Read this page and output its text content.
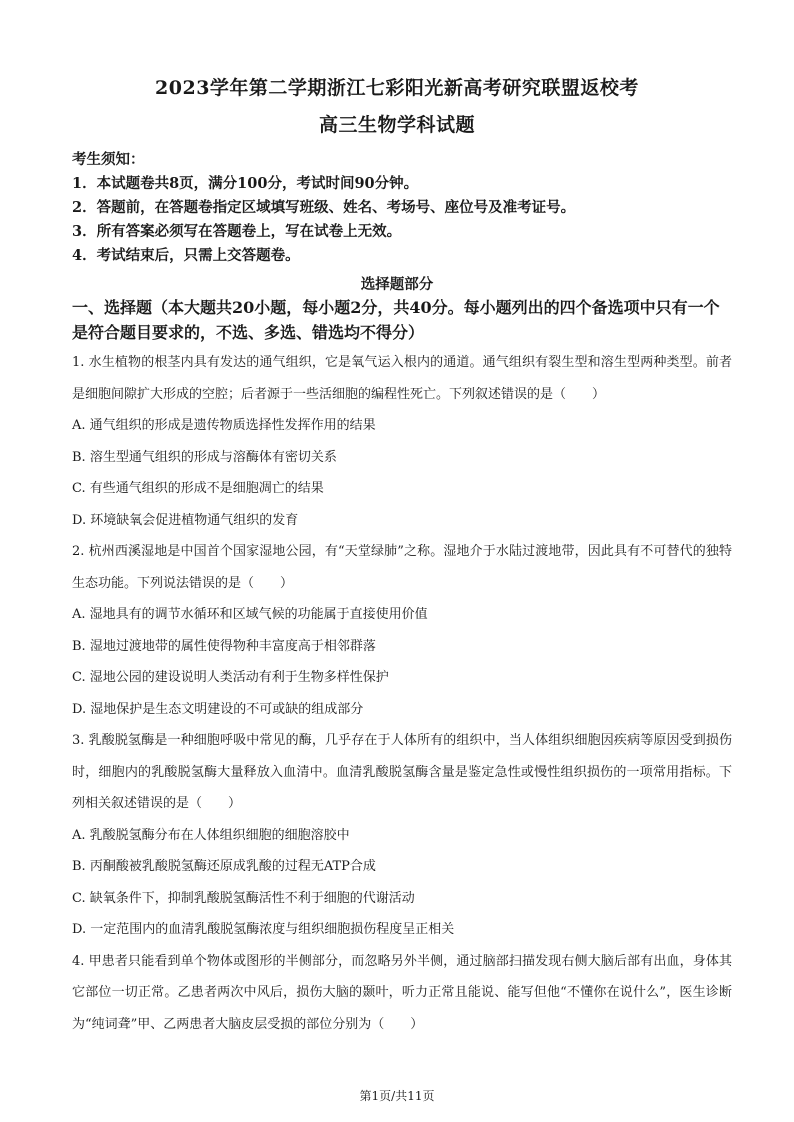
2023学年第二学期浙江七彩阳光新高考研究联盟返校考
高三生物学科试题
考生须知：
1．本试题卷共8页，满分100分，考试时间90分钟。
2．答题前，在答题卷指定区域填写班级、姓名、考场号、座位号及准考证号。
3．所有答案必须写在答题卷上，写在试卷上无效。
4．考试结束后，只需上交答题卷。
选择题部分
一、选择题（本大题共20小题，每小题2分，共40分。每小题列出的四个备选项中只有一个是符合题目要求的，不选、多选、错选均不得分）
1. 水生植物的根茎内具有发达的通气组织，它是氧气运入根内的通道。通气组织有裂生型和溶生型两种类型。前者是细胞间隙扩大形成的空腔；后者源于一些活细胞的编程性死亡。下列叙述错误的是（　　）
A. 通气组织的形成是遗传物质选择性发挥作用的结果
B. 溶生型通气组织的形成与溶酶体有密切关系
C. 有些通气组织的形成不是细胞凋亡的结果
D. 环境缺氧会促进植物通气组织的发育
2. 杭州西溪湿地是中国首个国家湿地公园，有“天堂绿肺”之称。湿地介于水陆过渡地带，因此具有不可替代的独特生态功能。下列说法错误的是（　　）
A. 湿地具有的调节水循环和区域气候的功能属于直接使用价值
B. 湿地过渡地带的属性使得物种丰富度高于相邻群落
C. 湿地公园的建设说明人类活动有利于生物多样性保护
D. 湿地保护是生态文明建设的不可或缺的组成部分
3. 乳酸脱氢酶是一种细胞呼吸中常见的酶，几乎存在于人体所有的组织中，当人体组织细胞因疾病等原因受到损伤时，细胞内的乳酸脱氢酶大量释放入血清中。血清乳酸脱氢酶含量是鉴定急性或慢性组织损伤的一项常用指标。下列相关叙述错误的是（　　）
A. 乳酸脱氢酶分布在人体组织细胞的细胞溶胶中
B. 丙酮酸被乳酸脱氢酶还原成乳酸的过程无ATP合成
C. 缺氧条件下，抑制乳酸脱氢酶活性不利于细胞的代谢活动
D. 一定范围内的血清乳酸脱氢酶浓度与组织细胞损伤程度呈正相关
4. 甲患者只能看到单个物体或图形的半侧部分，而忽略另外半侧，通过脑部扫描发现右侧大脑后部有出血，身体其它部位一切正常。乙患者两次中风后，损伤大脑的颞叶，听力正常且能说、能写但他“不懂你在说什么”，医生诊断为“纯词聋”甲、乙两患者大脑皮层受损的部位分别为（　　）
第1页/共11页
